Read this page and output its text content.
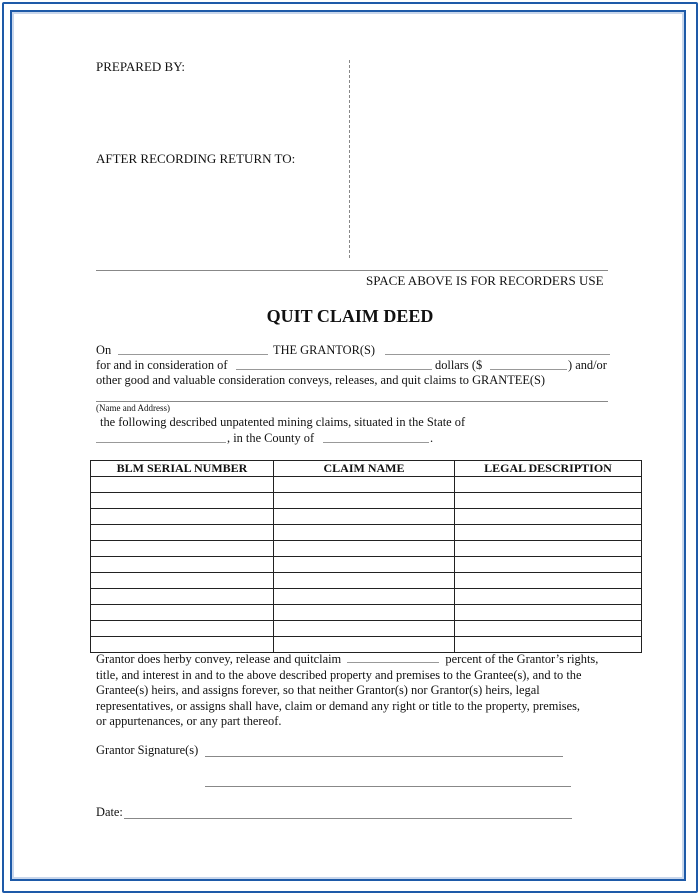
PREPARED BY:
AFTER RECORDING RETURN TO:
SPACE ABOVE IS FOR RECORDERS USE
QUIT CLAIM DEED
On	THE GRANTOR(S)
for and in consideration of	dollars ($	) and/or
other good and valuable consideration conveys, releases, and quit claims to GRANTEE(S)
(Name and Address)
the following described unpatented mining claims, situated in the State of
, in the County of	.
BLM SERIAL NUMBER	CLAIM NAME	LEGAL DESCRIPTION

Grantor does herby convey, release and quitclaim	percent of the Grantor’s rights,
title, and interest in and to the above described property and premises to the Grantee(s), and to the
Grantee(s) heirs, and assigns forever, so that neither Grantor(s) nor Grantor(s) heirs, legal
representatives, or assigns shall have, claim or demand any right or title to the property, premises,
or appurtenances, or any part thereof.
Grantor Signature(s)
Date:
